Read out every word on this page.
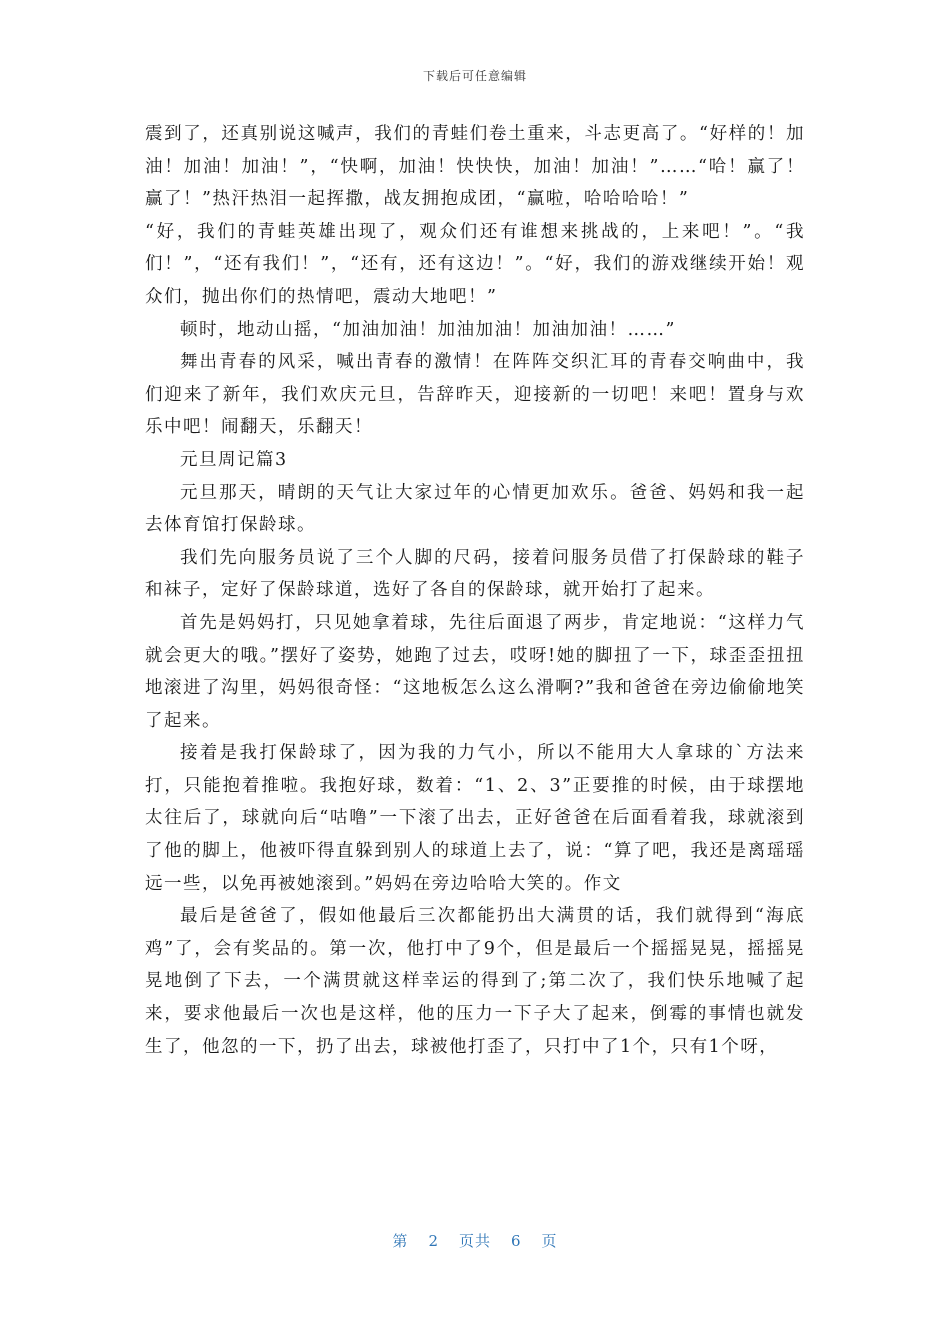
下载后可任意编辑

震到了，还真别说这喊声，我们的青蛙们卷土重来，斗志更高了。“好样的！加油！加油！加油！”，“快啊，加油！快快快，加油！加油！”……“哈！赢了！赢了！”热汗热泪一起挥撒，战友拥抱成团，“赢啦，哈哈哈哈！”

“好，我们的青蛙英雄出现了，观众们还有谁想来挑战的，上来吧！”。“我们！”，“还有我们！”，“还有，还有这边！”。“好，我们的游戏继续开始！观众们，抛出你们的热情吧，震动大地吧！”

顿时，地动山摇，“加油加油！加油加油！加油加油！……”

舞出青春的风采，喊出青春的激情！在阵阵交织汇耳的青春交响曲中，我们迎来了新年，我们欢庆元旦，告辞昨天，迎接新的一切吧！来吧！置身与欢乐中吧！闹翻天，乐翻天！

元旦周记篇3

元旦那天，晴朗的天气让大家过年的心情更加欢乐。爸爸、妈妈和我一起去体育馆打保龄球。

我们先向服务员说了三个人脚的尺码，接着问服务员借了打保龄球的鞋子和袜子，定好了保龄球道，选好了各自的保龄球，就开始打了起来。

首先是妈妈打，只见她拿着球，先往后面退了两步，肯定地说：“这样力气就会更大的哦。”摆好了姿势，她跑了过去，哎呀!她的脚扭了一下，球歪歪扭扭地滚进了沟里，妈妈很奇怪：“这地板怎么这么滑啊?”我和爸爸在旁边偷偷地笑了起来。

接着是我打保龄球了，因为我的力气小，所以不能用大人拿球的`方法来打，只能抱着推啦。我抱好球，数着：“1、2、3”正要推的时候，由于球摆地太往后了，球就向后“咕噜”一下滚了出去，正好爸爸在后面看着我，球就滚到了他的脚上，他被吓得直躲到别人的球道上去了，说：“算了吧，我还是离瑶瑶远一些，以免再被她滚到。”妈妈在旁边哈哈大笑的。作文

最后是爸爸了，假如他最后三次都能扔出大满贯的话，我们就得到“海底鸡”了，会有奖品的。第一次，他打中了9个，但是最后一个摇摇晃晃，摇摇晃晃地倒了下去，一个满贯就这样幸运的得到了;第二次了，我们快乐地喊了起来，要求他最后一次也是这样，他的压力一下子大了起来，倒霉的事情也就发生了，他忽的一下，扔了出去，球被他打歪了，只打中了1个，只有1个呀，

第 2 页共 6 页
